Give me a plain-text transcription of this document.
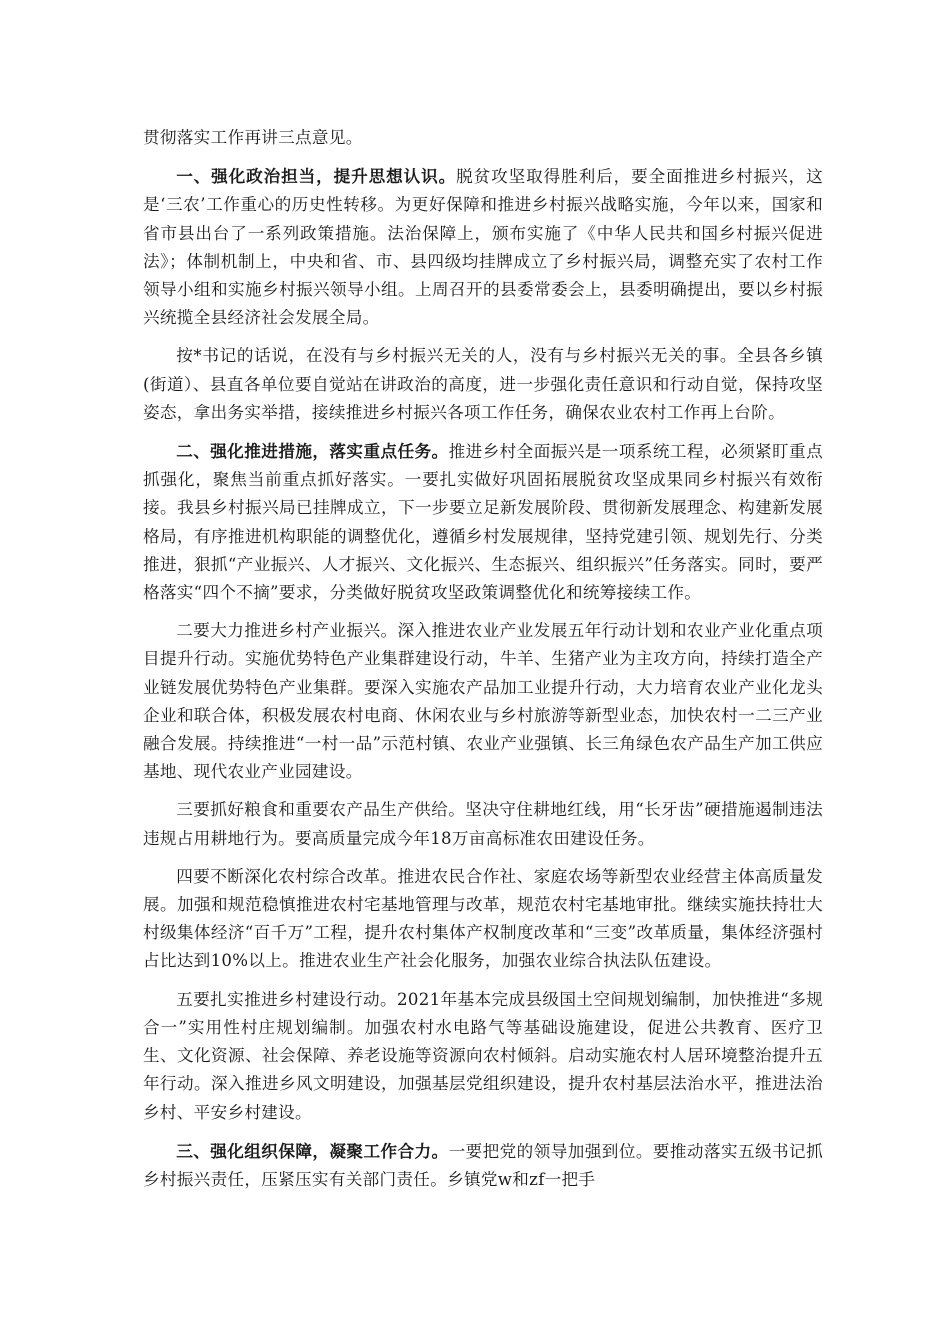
贯彻落实工作再讲三点意见。

一、强化政治担当，提升思想认识。脱贫攻坚取得胜利后，要全面推进乡村振兴，这是‘三农’工作重心的历史性转移。为更好保障和推进乡村振兴战略实施，今年以来，国家和省市县出台了一系列政策措施。法治保障上，颁布实施了《中华人民共和国乡村振兴促进法》；体制机制上，中央和省、市、县四级均挂牌成立了乡村振兴局，调整充实了农村工作领导小组和实施乡村振兴领导小组。上周召开的县委常委会上，县委明确提出，要以乡村振兴统揽全县经济社会发展全局。

按*书记的话说，在没有与乡村振兴无关的人，没有与乡村振兴无关的事。全县各乡镇(街道）、县直各单位要自觉站在讲政治的高度，进一步强化责任意识和行动自觉，保持攻坚姿态，拿出务实举措，接续推进乡村振兴各项工作任务，确保农业农村工作再上台阶。

二、强化推进措施，落实重点任务。推进乡村全面振兴是一项系统工程，必须紧盯重点抓强化，聚焦当前重点抓好落实。一要扎实做好巩固拓展脱贫攻坚成果同乡村振兴有效衔接。我县乡村振兴局已挂牌成立，下一步要立足新发展阶段、贯彻新发展理念、构建新发展格局，有序推进机构职能的调整优化，遵循乡村发展规律，坚持党建引领、规划先行、分类推进，狠抓“产业振兴、人才振兴、文化振兴、生态振兴、组织振兴”任务落实。同时，要严格落实“四个不摘”要求，分类做好脱贫攻坚政策调整优化和统筹接续工作。

二要大力推进乡村产业振兴。深入推进农业产业发展五年行动计划和农业产业化重点项目提升行动。实施优势特色产业集群建设行动，牛羊、生猪产业为主攻方向，持续打造全产业链发展优势特色产业集群。要深入实施农产品加工业提升行动，大力培育农业产业化龙头企业和联合体，积极发展农村电商、休闲农业与乡村旅游等新型业态，加快农村一二三产业融合发展。持续推进“一村一品”示范村镇、农业产业强镇、长三角绿色农产品生产加工供应基地、现代农业产业园建设。

三要抓好粮食和重要农产品生产供给。坚决守住耕地红线，用“长牙齿”硬措施遏制违法违规占用耕地行为。要高质量完成今年18万亩高标准农田建设任务。

四要不断深化农村综合改革。推进农民合作社、家庭农场等新型农业经营主体高质量发展。加强和规范稳慎推进农村宅基地管理与改革，规范农村宅基地审批。继续实施扶持壮大村级集体经济“百千万”工程，提升农村集体产权制度改革和“三变”改革质量，集体经济强村占比达到10%以上。推进农业生产社会化服务，加强农业综合执法队伍建设。

五要扎实推进乡村建设行动。2021年基本完成县级国土空间规划编制，加快推进“多规合一”实用性村庄规划编制。加强农村水电路气等基础设施建设，促进公共教育、医疗卫生、文化资源、社会保障、养老设施等资源向农村倾斜。启动实施农村人居环境整治提升五年行动。深入推进乡风文明建设，加强基层党组织建设，提升农村基层法治水平，推进法治乡村、平安乡村建设。

三、强化组织保障，凝聚工作合力。一要把党的领导加强到位。要推动落实五级书记抓乡村振兴责任，压紧压实有关部门责任。乡镇党w和zf一把手
